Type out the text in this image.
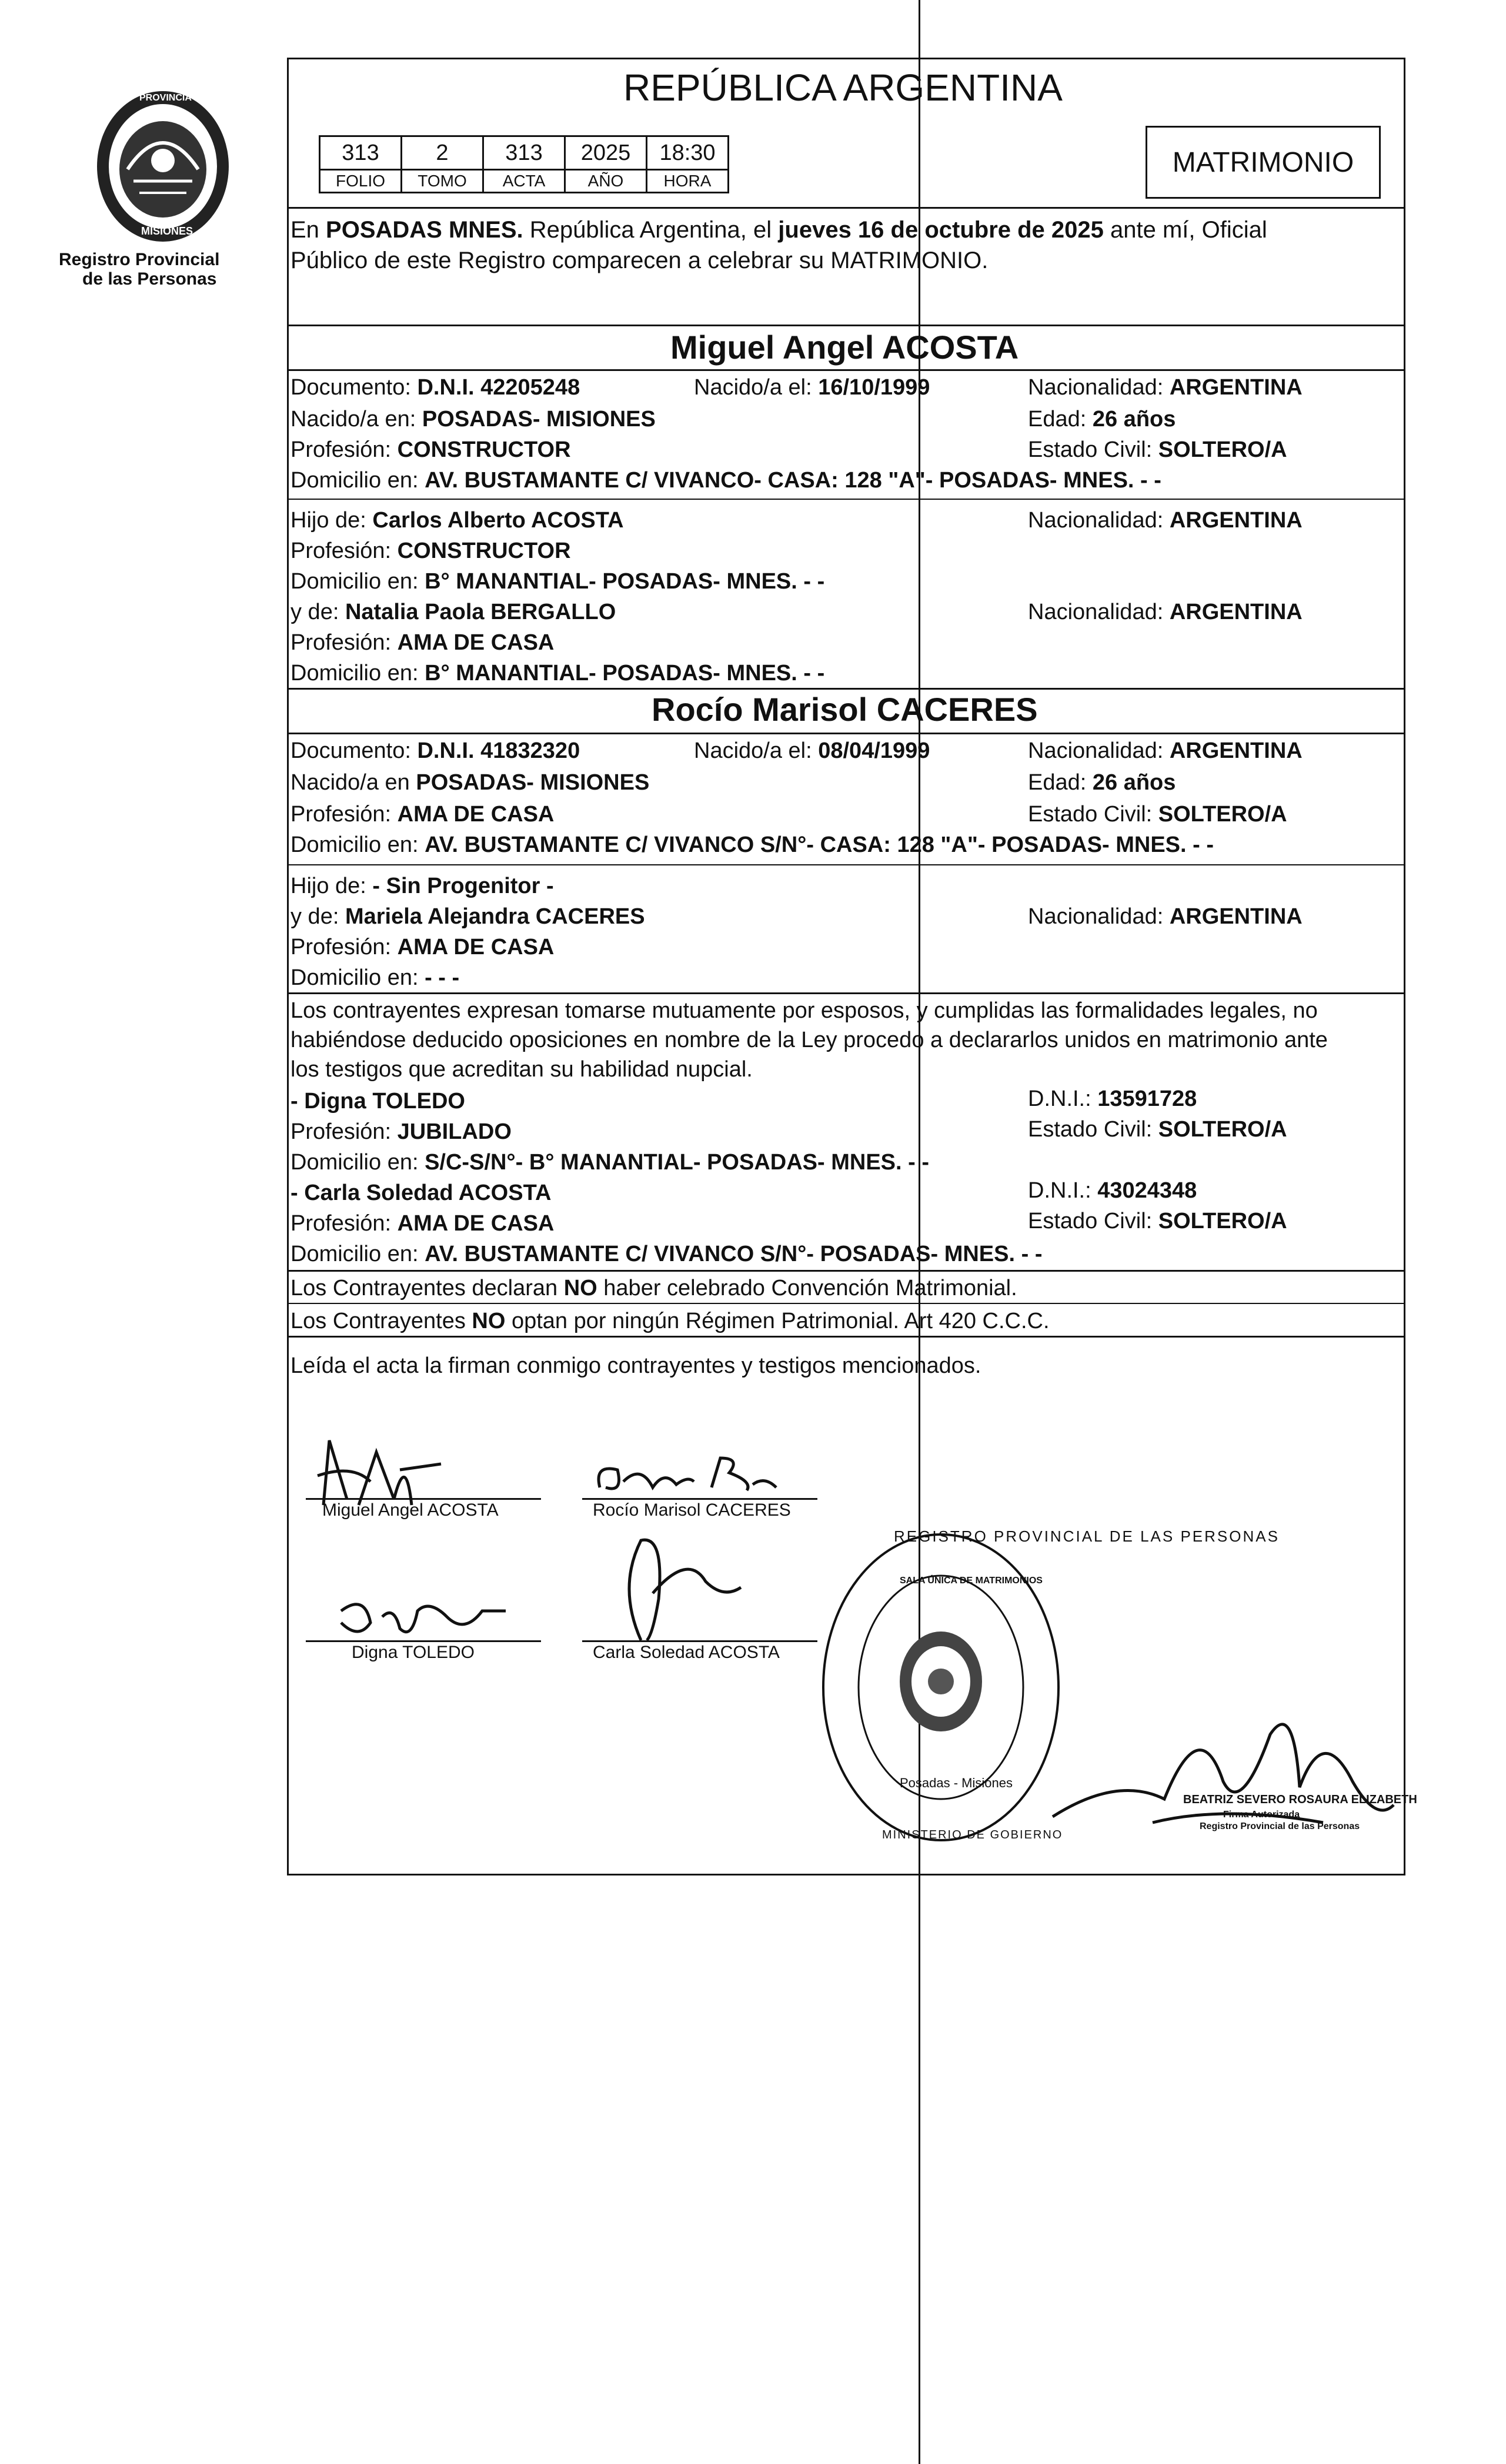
PROVINCIA DE
MISIONES
Registro Provincial
de las Personas
REPÚBLICA ARGENTINA
313	2	313	2025	18:30
FOLIO	TOMO	ACTA	AÑO	HORA
MATRIMONIO
En POSADAS MNES. República Argentina, el jueves 16 de octubre de 2025 ante mí, Oficial
Público de este Registro comparecen a celebrar su MATRIMONIO.
Miguel Angel ACOSTA
Documento: D.N.I. 42205248	Nacido/a el: 16/10/1999	Nacionalidad: ARGENTINA
Nacido/a en: POSADAS- MISIONES	Edad: 26 años
Profesión: CONSTRUCTOR	Estado Civil: SOLTERO/A
Domicilio en: AV. BUSTAMANTE C/ VIVANCO- CASA: 128 "A"- POSADAS- MNES. - -
Hijo de: Carlos Alberto ACOSTA	Nacionalidad: ARGENTINA
Profesión: CONSTRUCTOR
Domicilio en: B° MANANTIAL- POSADAS- MNES. - -
y de: Natalia Paola BERGALLO	Nacionalidad: ARGENTINA
Profesión: AMA DE CASA
Domicilio en: B° MANANTIAL- POSADAS- MNES. - -
Rocío Marisol CACERES
Documento: D.N.I. 41832320	Nacido/a el: 08/04/1999	Nacionalidad: ARGENTINA
Nacido/a en POSADAS- MISIONES	Edad: 26 años
Profesión: AMA DE CASA	Estado Civil: SOLTERO/A
Domicilio en: AV. BUSTAMANTE C/ VIVANCO S/N°- CASA: 128 "A"- POSADAS- MNES. - -
Hijo de: - Sin Progenitor -
y de: Mariela Alejandra CACERES	Nacionalidad: ARGENTINA
Profesión: AMA DE CASA
Domicilio en: - - -
Los contrayentes expresan tomarse mutuamente por esposos, y cumplidas las formalidades legales, no
habiéndose deducido oposiciones en nombre de la Ley procedo a declararlos unidos en matrimonio ante
los testigos que acreditan su habilidad nupcial.
- Digna TOLEDO	D.N.I.: 13591728
Profesión: JUBILADO	Estado Civil: SOLTERO/A
Domicilio en: S/C-S/N°- B° MANANTIAL- POSADAS- MNES. - -
- Carla Soledad ACOSTA	D.N.I.: 43024348
Profesión: AMA DE CASA	Estado Civil: SOLTERO/A
Domicilio en: AV. BUSTAMANTE C/ VIVANCO S/N°- POSADAS- MNES. - -
Los Contrayentes declaran NO haber celebrado Convención Matrimonial.
Los Contrayentes NO optan por ningún Régimen Patrimonial. Art 420 C.C.C.
Leída el acta la firman conmigo contrayentes y testigos mencionados.
Miguel Angel ACOSTA	Rocío Marisol CACERES
Digna TOLEDO	Carla Soledad ACOSTA
REGISTRO PROVINCIAL DE LAS PERSONAS
SALA ÚNICA DE MATRIMONIOS
Posadas - Misiones
MINISTERIO DE GOBIERNO
BEATRIZ SEVERO ROSAURA ELIZABETH
Firma Autorizada
Registro Provincial de las Personas
